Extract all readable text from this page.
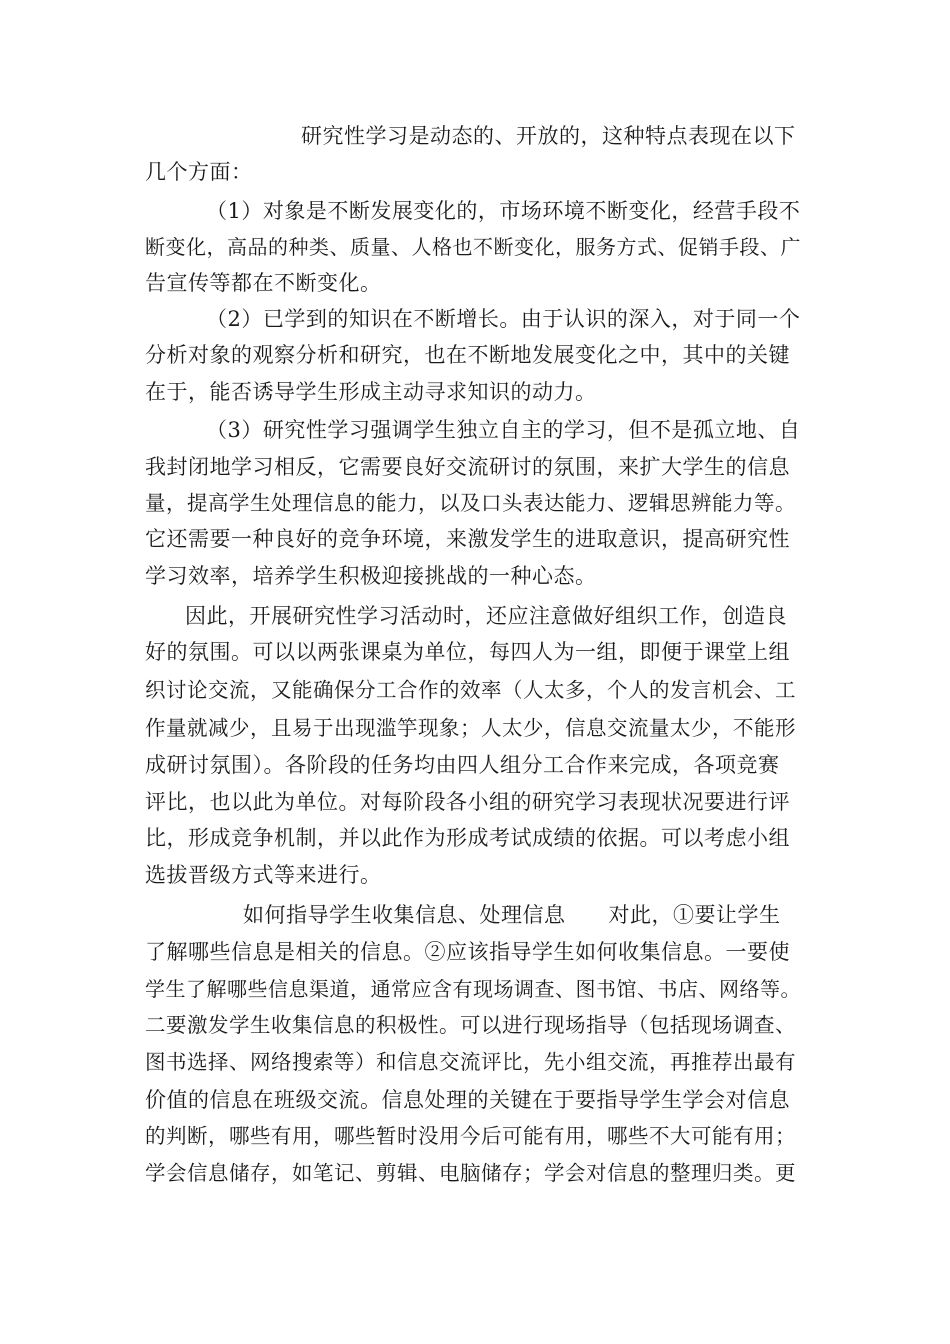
研究性学习是动态的、开放的，这种特点表现在以下
几个方面：
（1）对象是不断发展变化的，市场环境不断变化，经营手段不
断变化，高品的种类、质量、人格也不断变化，服务方式、促销手段、广
告宣传等都在不断变化。
（2）已学到的知识在不断增长。由于认识的深入，对于同一个
分析对象的观察分析和研究，也在不断地发展变化之中，其中的关键
在于，能否诱导学生形成主动寻求知识的动力。
（3）研究性学习强调学生独立自主的学习，但不是孤立地、自
我封闭地学习相反，它需要良好交流研讨的氛围，来扩大学生的信息
量，提高学生处理信息的能力，以及口头表达能力、逻辑思辨能力等。
它还需要一种良好的竞争环境，来激发学生的进取意识，提高研究性
学习效率，培养学生积极迎接挑战的一种心态。
因此，开展研究性学习活动时，还应注意做好组织工作，创造良
好的氛围。可以以两张课桌为单位，每四人为一组，即便于课堂上组
织讨论交流，又能确保分工合作的效率（人太多，个人的发言机会、工
作量就减少，且易于出现滥竽现象；人太少，信息交流量太少，不能形
成研讨氛围）。各阶段的任务均由四人组分工合作来完成，各项竞赛
评比，也以此为单位。对每阶段各小组的研究学习表现状况要进行评
比，形成竞争机制，并以此作为形成考试成绩的依据。可以考虑小组
选拔晋级方式等来进行。
如何指导学生收集信息、处理信息　　对此，①要让学生
了解哪些信息是相关的信息。②应该指导学生如何收集信息。一要使
学生了解哪些信息渠道，通常应含有现场调查、图书馆、书店、网络等。
二要激发学生收集信息的积极性。可以进行现场指导（包括现场调查、
图书选择、网络搜索等）和信息交流评比，先小组交流，再推荐出最有
价值的信息在班级交流。信息处理的关键在于要指导学生学会对信息
的判断，哪些有用，哪些暂时没用今后可能有用，哪些不大可能有用；
学会信息储存，如笔记、剪辑、电脑储存；学会对信息的整理归类。更
